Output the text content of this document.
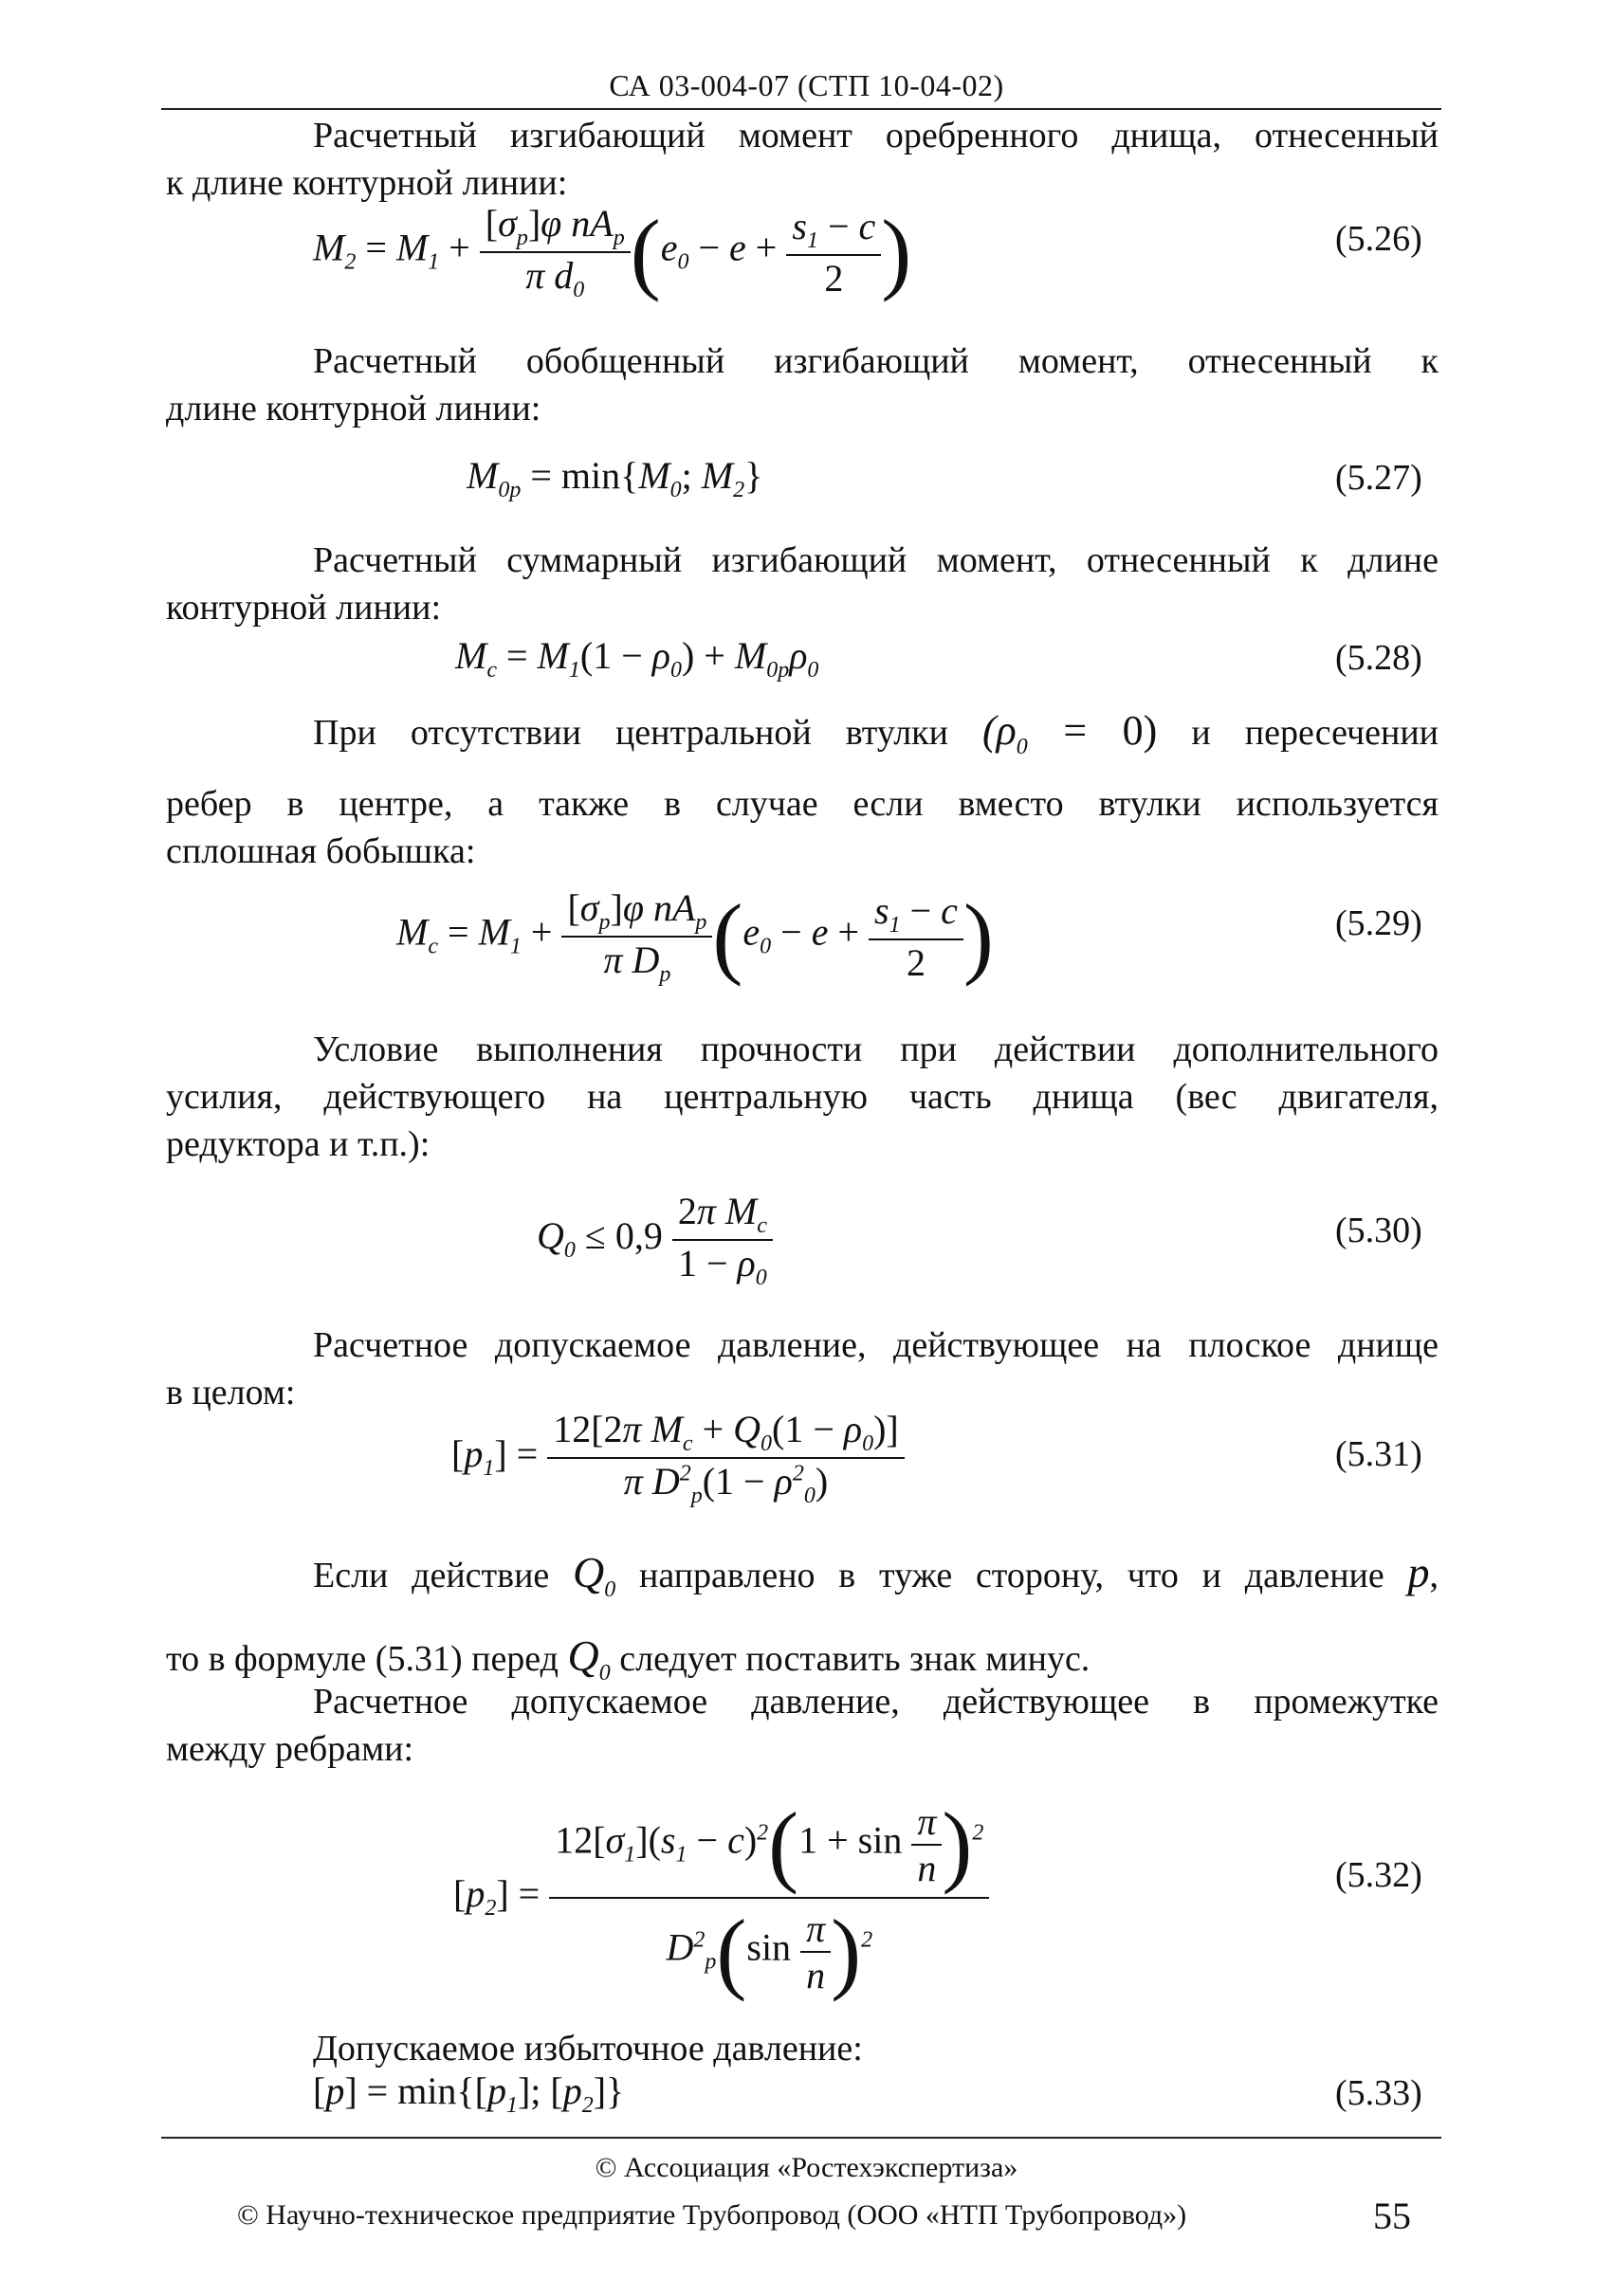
СА 03-004-07 (СТП 10-04-02)
Расчетный изгибающий момент оребренного днища, отнесенный
к длине контурной линии:
$M_2 = M_1 + \frac{[\sigma_p]\varphi nA_p}{\pi d_0} (e_0 - e + \frac{s_1 - c}{2}$ )	(5.26)
Расчетный обобщенный изгибающий момент, отнесенный к
длине контурной линии:
$M_{0p} = \min\{M_0$; $M_2$}	(5.27)
Расчетный суммарный изгибающий момент, отнесенный к длине
контурной линии:
$M_c = M_1(1 - \rho_0) + M_{0p}\rho_0$	(5.28)
При отсутствии центральной втулки $(\rho_0 = 0)$ и пересечении
ребер в центре, а также в случае если вместо втулки используется
сплошная бобышка:
$M_c = M_1 + \frac{[\sigma_p]\varphi nA_p}{\pi D_p} (e_0 - e + \frac{s_1 - c}{2}$ )	(5.29)
Условие выполнения прочности при действии дополнительного
усилия, действующего на центральную часть днища (вес двигателя,
редуктора и т.п.):
$Q_0 \le 0,9 \frac{2\pi M_c}{1 - \rho_0}$	(5.30)
Расчетное допускаемое давление, действующее на плоское днище
в целом:
$[p_1] = \frac{12[2\pi M_c + Q_0(1 - \rho_0)]}{\pi D^2_p(1 - \rho^2_0)}$	(5.31)
Если действие $Q_0$ направлено в туже сторону, что и давление p,
то в формуле (5.31) перед $Q_0$ следует поставить знак минус.
Расчетное допускаемое давление, действующее в промежутке
между ребрами:
$[p_2] = \frac{12[\sigma_1](s_1 - c)^2(1 + \sin \frac{\pi}{n} )^2}{D^2_p(\sin \frac{\pi}{n} )^2}$	(5.32)
Допускаемое избыточное давление:
$[p] = \min\{[p_1]$; $[p_2]$}	(5.33)
© Ассоциация «Ростехэкспертиза»
© Научно-техническое предприятие Трубопровод (ООО «НТП Трубопровод»)	55
